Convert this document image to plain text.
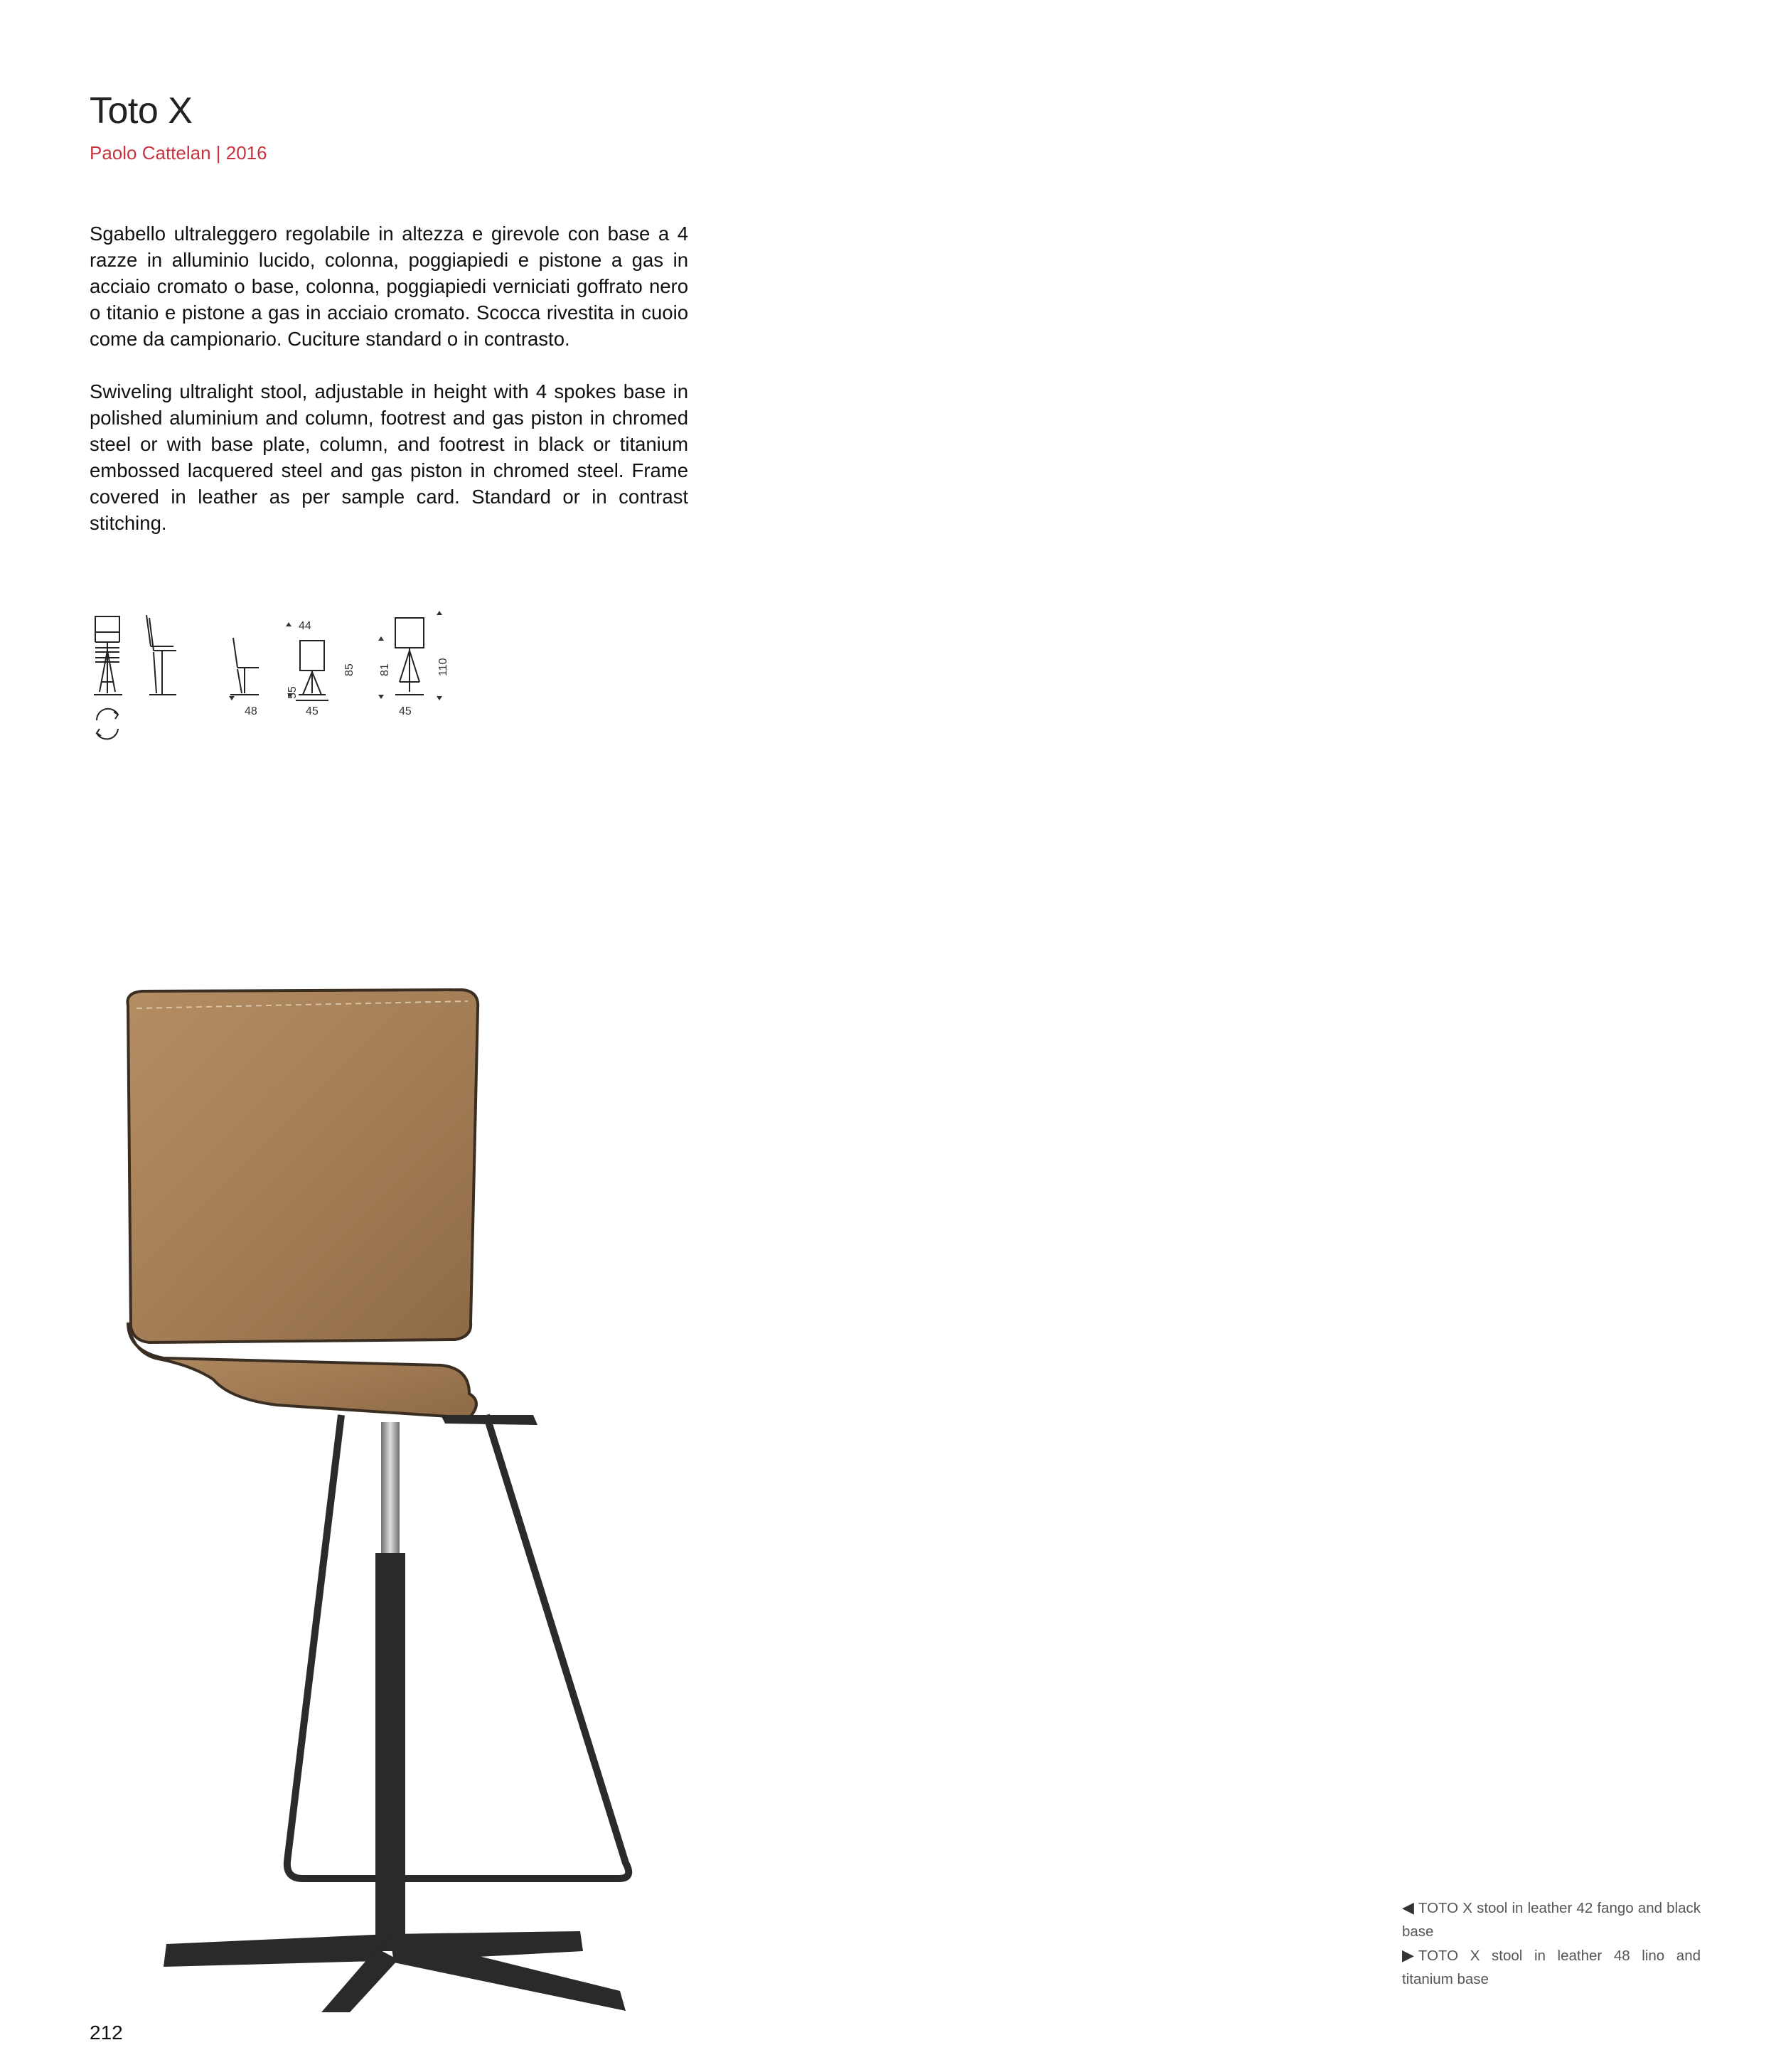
Toto X
Paolo Cattelan | 2016
Sgabello ultraleggero regolabile in altezza e girevole con base a 4 razze in alluminio lucido, colonna, poggiapiedi e pistone a gas in acciaio cromato o base, colonna, poggiapiedi verniciati goffrato nero o titanio e pistone a gas in acciaio cromato. Scocca rivestita in cuoio come da campionario. Cuciture standard o in contrasto.
Swiveling ultralight stool, adjustable in height with 4 spokes base in polished aluminium and column, footrest and gas piston in chromed steel or with base plate, column, and footrest in black or titanium embossed lacquered steel and gas piston in chromed steel. Frame covered in leather as per sample card. Standard or in contrast stitching.
44
48	45	45
55
85 81	110
◀ TOTO X stool in leather 42 fango and black base
▶ TOTO X stool in leather 48 lino and titanium base
212
